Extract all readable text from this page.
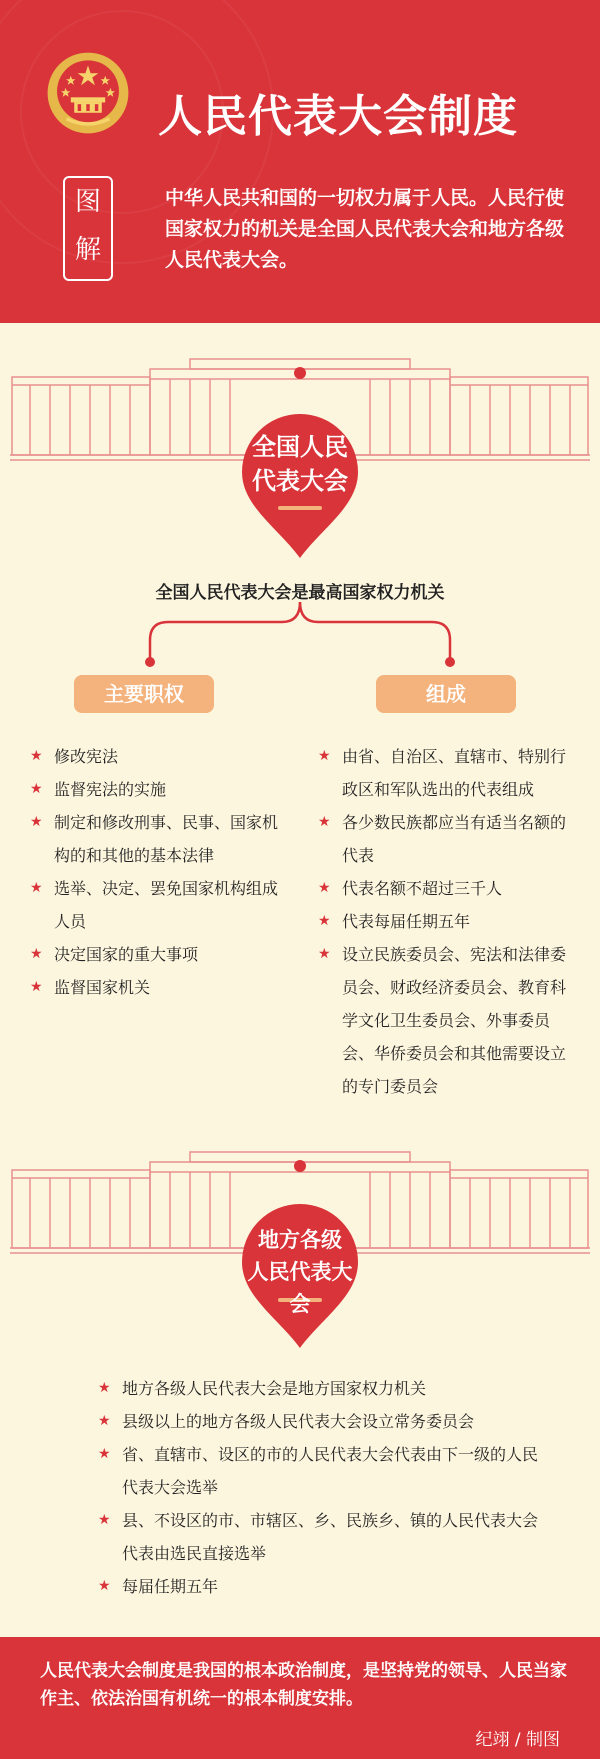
人民代表大会制度
图
解
中华人民共和国的一切权力属于人民。人民行使国家权力的机关是全国人民代表大会和地方各级人民代表大会。
全国人民
代表大会
全国人民代表大会是最高国家权力机关
主要职权	组成
★ 修改宪法
★ 监督宪法的实施
★ 制定和修改刑事、民事、国家机构的和其他的基本法律
★ 选举、决定、罢免国家机构组成人员
★ 决定国家的重大事项
★ 监督国家机关
★ 由省、自治区、直辖市、特别行政区和军队选出的代表组成
★ 各少数民族都应当有适当名额的代表
★ 代表名额不超过三千人
★ 代表每届任期五年
★ 设立民族委员会、宪法和法律委员会、财政经济委员会、教育科学文化卫生委员会、外事委员会、华侨委员会和其他需要设立的专门委员会
地方各级
人民代表大会
★ 地方各级人民代表大会是地方国家权力机关
★ 县级以上的地方各级人民代表大会设立常务委员会
★ 省、直辖市、设区的市的人民代表大会代表由下一级的人民代表大会选举
★ 县、不设区的市、市辖区、乡、民族乡、镇的人民代表大会代表由选民直接选举
★ 每届任期五年
人民代表大会制度是我国的根本政治制度，是坚持党的领导、人民当家作主、依法治国有机统一的根本制度安排。
纪翊 / 制图
